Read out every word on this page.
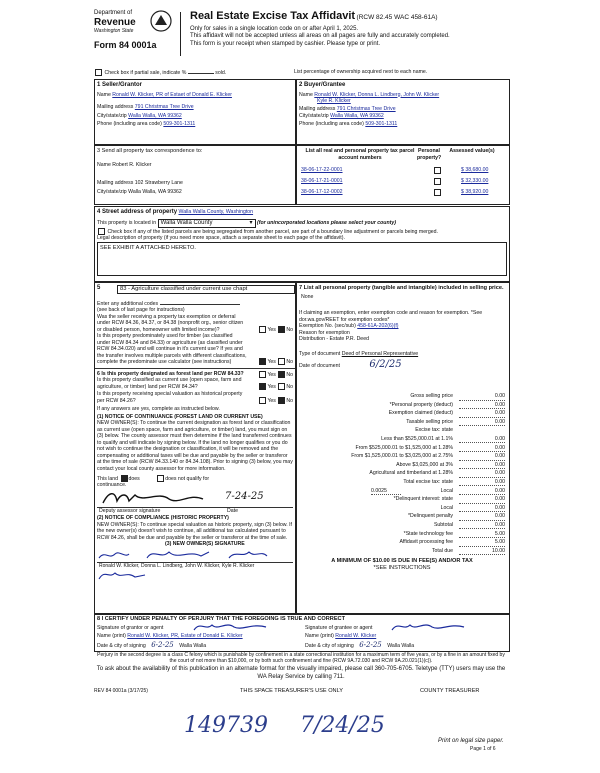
Department of
Revenue
Washington State
Form 84 0001a
Real Estate Excise Tax Affidavit (RCW 82.45 WAC 458-61A)
Only for sales in a single location code on or after April 1, 2025.
This affidavit will not be accepted unless all areas on all pages are fully and accurately completed.
This form is your receipt when stamped by cashier. Please type or print.
Check box if partial sale, indicate %	sold.	List percentage of ownership acquired next to each name.
1 Seller/Grantor
Name Ronald W. Klicker, PR of Estaet of Donald E. Klicker
Mailing address 791 Christmas Tree Drive
City/state/zip Walla Walla, WA 99362
Phone (including area code) 509-301-1311
2 Buyer/Grantee
Name Ronald W. Klicker, Donna L. Lindberg, John W. Klicker
Kyle R. Klicker
Mailing address 791 Christmas Tree Drive
City/state/zip Walla Walla, WA 99362
Phone (including area code) 509-301-1311
3 Send all property tax correspondence to:
Name Robert R. Klicker
Mailing address 102 Strawberry Lane
City/state/zip Walla Walla, WA 99362
List all real and personal property tax parcel account numbers
Personal property?
Assessed value(s)
38-06-17-22-0001	$ 38,680.00
38-06-17-21-0001	$ 32,330.00
38-06-17-12-0002	$ 38,920.00
4 Street address of property Walla Walla County, Washington
This property is located in Walla Walla County	▾ (for unincorporated locations please select your county)
Check box if any of the listed parcels are being segregated from another parcel, are part of a boundary line adjustment or parcels being merged.
Legal description of property (if you need more space, attach a separate sheet to each page of the affidavit).
SEE EXHIBIT A ATTACHED HERETO.
5	83 - Agriculture classified under current use chapt
Enter any additional codes
(see back of last page for instructions)
Was the seller receiving a property tax exemption or deferral under RCW 84.36, 84.37, or 84.38 (nonprofit org., senior citizen or disabled person, homeowner with limited income)?	Yes No
Is this property predominately used for timber (as classified under RCW 84.34 and 84.33) or agriculture (as classified under RCW 84.34.020) and will continue in it's current use? If yes and the transfer involves multiple parcels with different classifications, complete the predominate use calculator (see instructions)	Yes No
6 Is this property designated as forest land per RCW 84.33?	Yes No
Is this property classified as current use (open space, farm and agriculture, or timber) land per RCW 84.34?	Yes No
Is this property receiving special valuation as historical property per RCW 84.26?	Yes No
If any answers are yes, complete as instructed below.
(1) NOTICE OF CONTINUANCE (FOREST LAND OR CURRENT USE)
NEW OWNER(S): To continue the current designation as forest land or classification as current use (open space, farm and agriculture, or timber) land, you must sign on (3) below. The county assessor must then determine if the land transferred continues to qualify and will indicate by signing below. If the land no longer qualifies or you do not wish to continue the designation or classification, it will be removed and the compensating or additional taxes will be due and payable by the seller or transferor at the time of sale (RCW 84.33.140 or 84.34.108). Prior to signing (3) below, you may contact your local county assessor for more information.
This land does	does not qualify for
continuance.
7-24-25
Deputy assessor signature	Date
(2) NOTICE OF COMPLIANCE (HISTORIC PROPERTY)
NEW OWNER(S): To continue special valuation as historic property, sign (3) below. If the new owner(s) doesn't wish to continue, all additional tax calculated pursuant to RCW 84.26, shall be due and payable by the seller or transferor at the time of sale.
(3) NEW OWNER(S) SIGNATURE
Ronald W. Klicker, Donna L. Lindberg, John W. Klicker, Kyle R. Klicker
7 List all personal property (tangible and intangible) included in selling price.
None
If claiming an exemption, enter exemption code and reason for exemption. *See dor.wa.gov/REET for exemption codes*
Exemption No. (sec/sub) 458-61A-202(6)(f)
Reason for exemption
Distribution - Estate P.R. Deed
Type of document Deed of Personal Representative
Date of document	6/2/25
Gross selling price	0.00
*Personal property (deduct)	0.00
Exemption claimed (deduct)	0.00
Taxable selling price	0.00
Excise tax: state
Less than $525,000.01 at 1.1%	0.00
From $525,000.01 to $1,525,000 at 1.28%	0.00
From $1,525,000.01 to $3,025,000 at 2.75%	0.00
Above $3,025,000 at 3%	0.00
Agricultural and timberland at 1.28%	0.00
Total excise tax: state	0.00
0.0025	Local	0.00
*Delinquent interest: state	0.00
Local	0.00
*Delinquent penalty	0.00
Subtotal	0.00
*State technology fee	5.00
Affidavit processing fee	5.00
Total due	10.00
A MINIMUM OF $10.00 IS DUE IN FEE(S) AND/OR TAX
*SEE INSTRUCTIONS
8 I CERTIFY UNDER PENALTY OF PERJURY THAT THE FOREGOING IS TRUE AND CORRECT
Signature of grantor or agent	Signature of grantee or agent
Name (print) Ronald W. Klicker, PR, Estate of Donald E. Klicker	Name (print) Ronald W. Klicker
Date & city of signing 6-2-25 Walla Walla	Date & city of signing 6-2-25 Walla Walla
Perjury in the second degree is a class C felony which is punishable by confinement in a state correctional institution for a maximum term of five years, or by a fine in an amount fixed by the court of not more than $10,000, or by both such confinement and fine (RCW 9A.72.030 and RCW 9A.20.021(1)(c)).
To ask about the availability of this publication in an alternate format for the visually impaired, please call 360-705-6705. Teletype (TTY) users may use the WA Relay Service by calling 711.
REV 84 0001a (3/17/25)	THIS SPACE TREASURER'S USE ONLY	COUNTY TREASURER
149739 7/24/25
Print on legal size paper.
Page 1 of 6
